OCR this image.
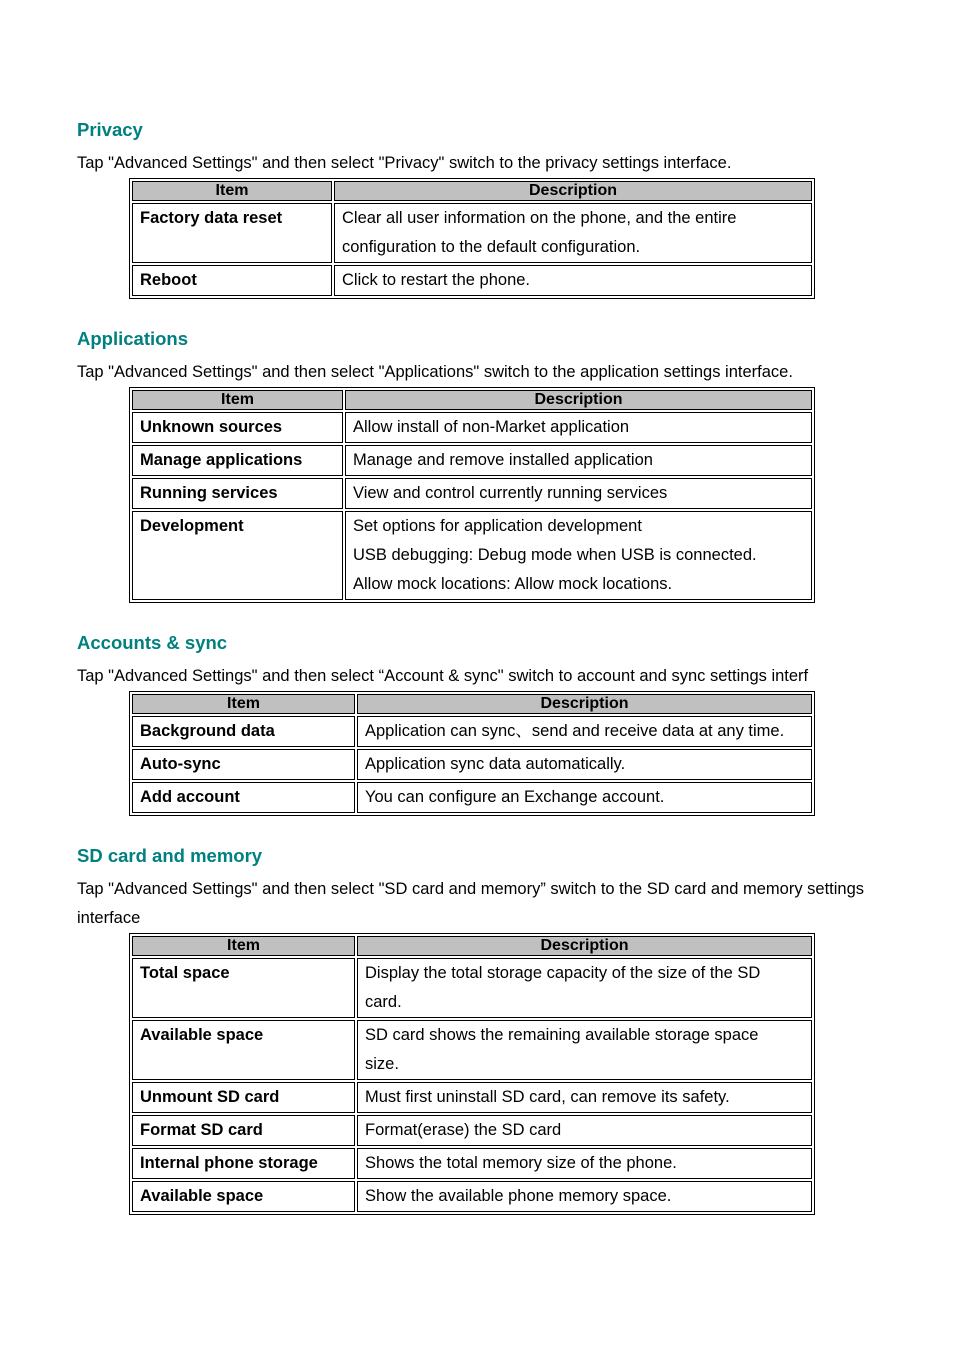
Privacy

Tap "Advanced Settings" and then select "Privacy" switch to the privacy settings interface.

Item	Description
Factory data reset	Clear all user information on the phone, and the entire
configuration to the default configuration.

Reboot	Click to restart the phone.
Applications

Tap "Advanced Settings" and then select "Applications" switch to the application settings interface.

Item	Description
Unknown sources	Allow install of non-Market application
Manage applications	Manage and remove installed application
Running services	View and control currently running services
Development	Set options for application development
USB debugging: Debug mode when USB is connected.
Allow mock locations: Allow mock locations.
Accounts & sync

Tap "Advanced Settings" and then select “Account & sync" switch to account and sync settings interf

Item	Description
Background data	Application can sync、send and receive data at any time.
Auto-sync	Application sync data automatically.
Add account	You can configure an Exchange account.
SD card and memory

Tap "Advanced Settings" and then select "SD card and memory” switch to the SD card and memory settings interface

Item	Description
Total space	Display the total storage capacity of the size of the SD
card.

Available space	SD card shows the remaining available storage space
size.

Unmount SD card	Must first uninstall SD card, can remove its safety.
Format SD card	Format(erase) the SD card
Internal phone storage	Shows the total memory size of the phone.
Available space	Show the available phone memory space.
